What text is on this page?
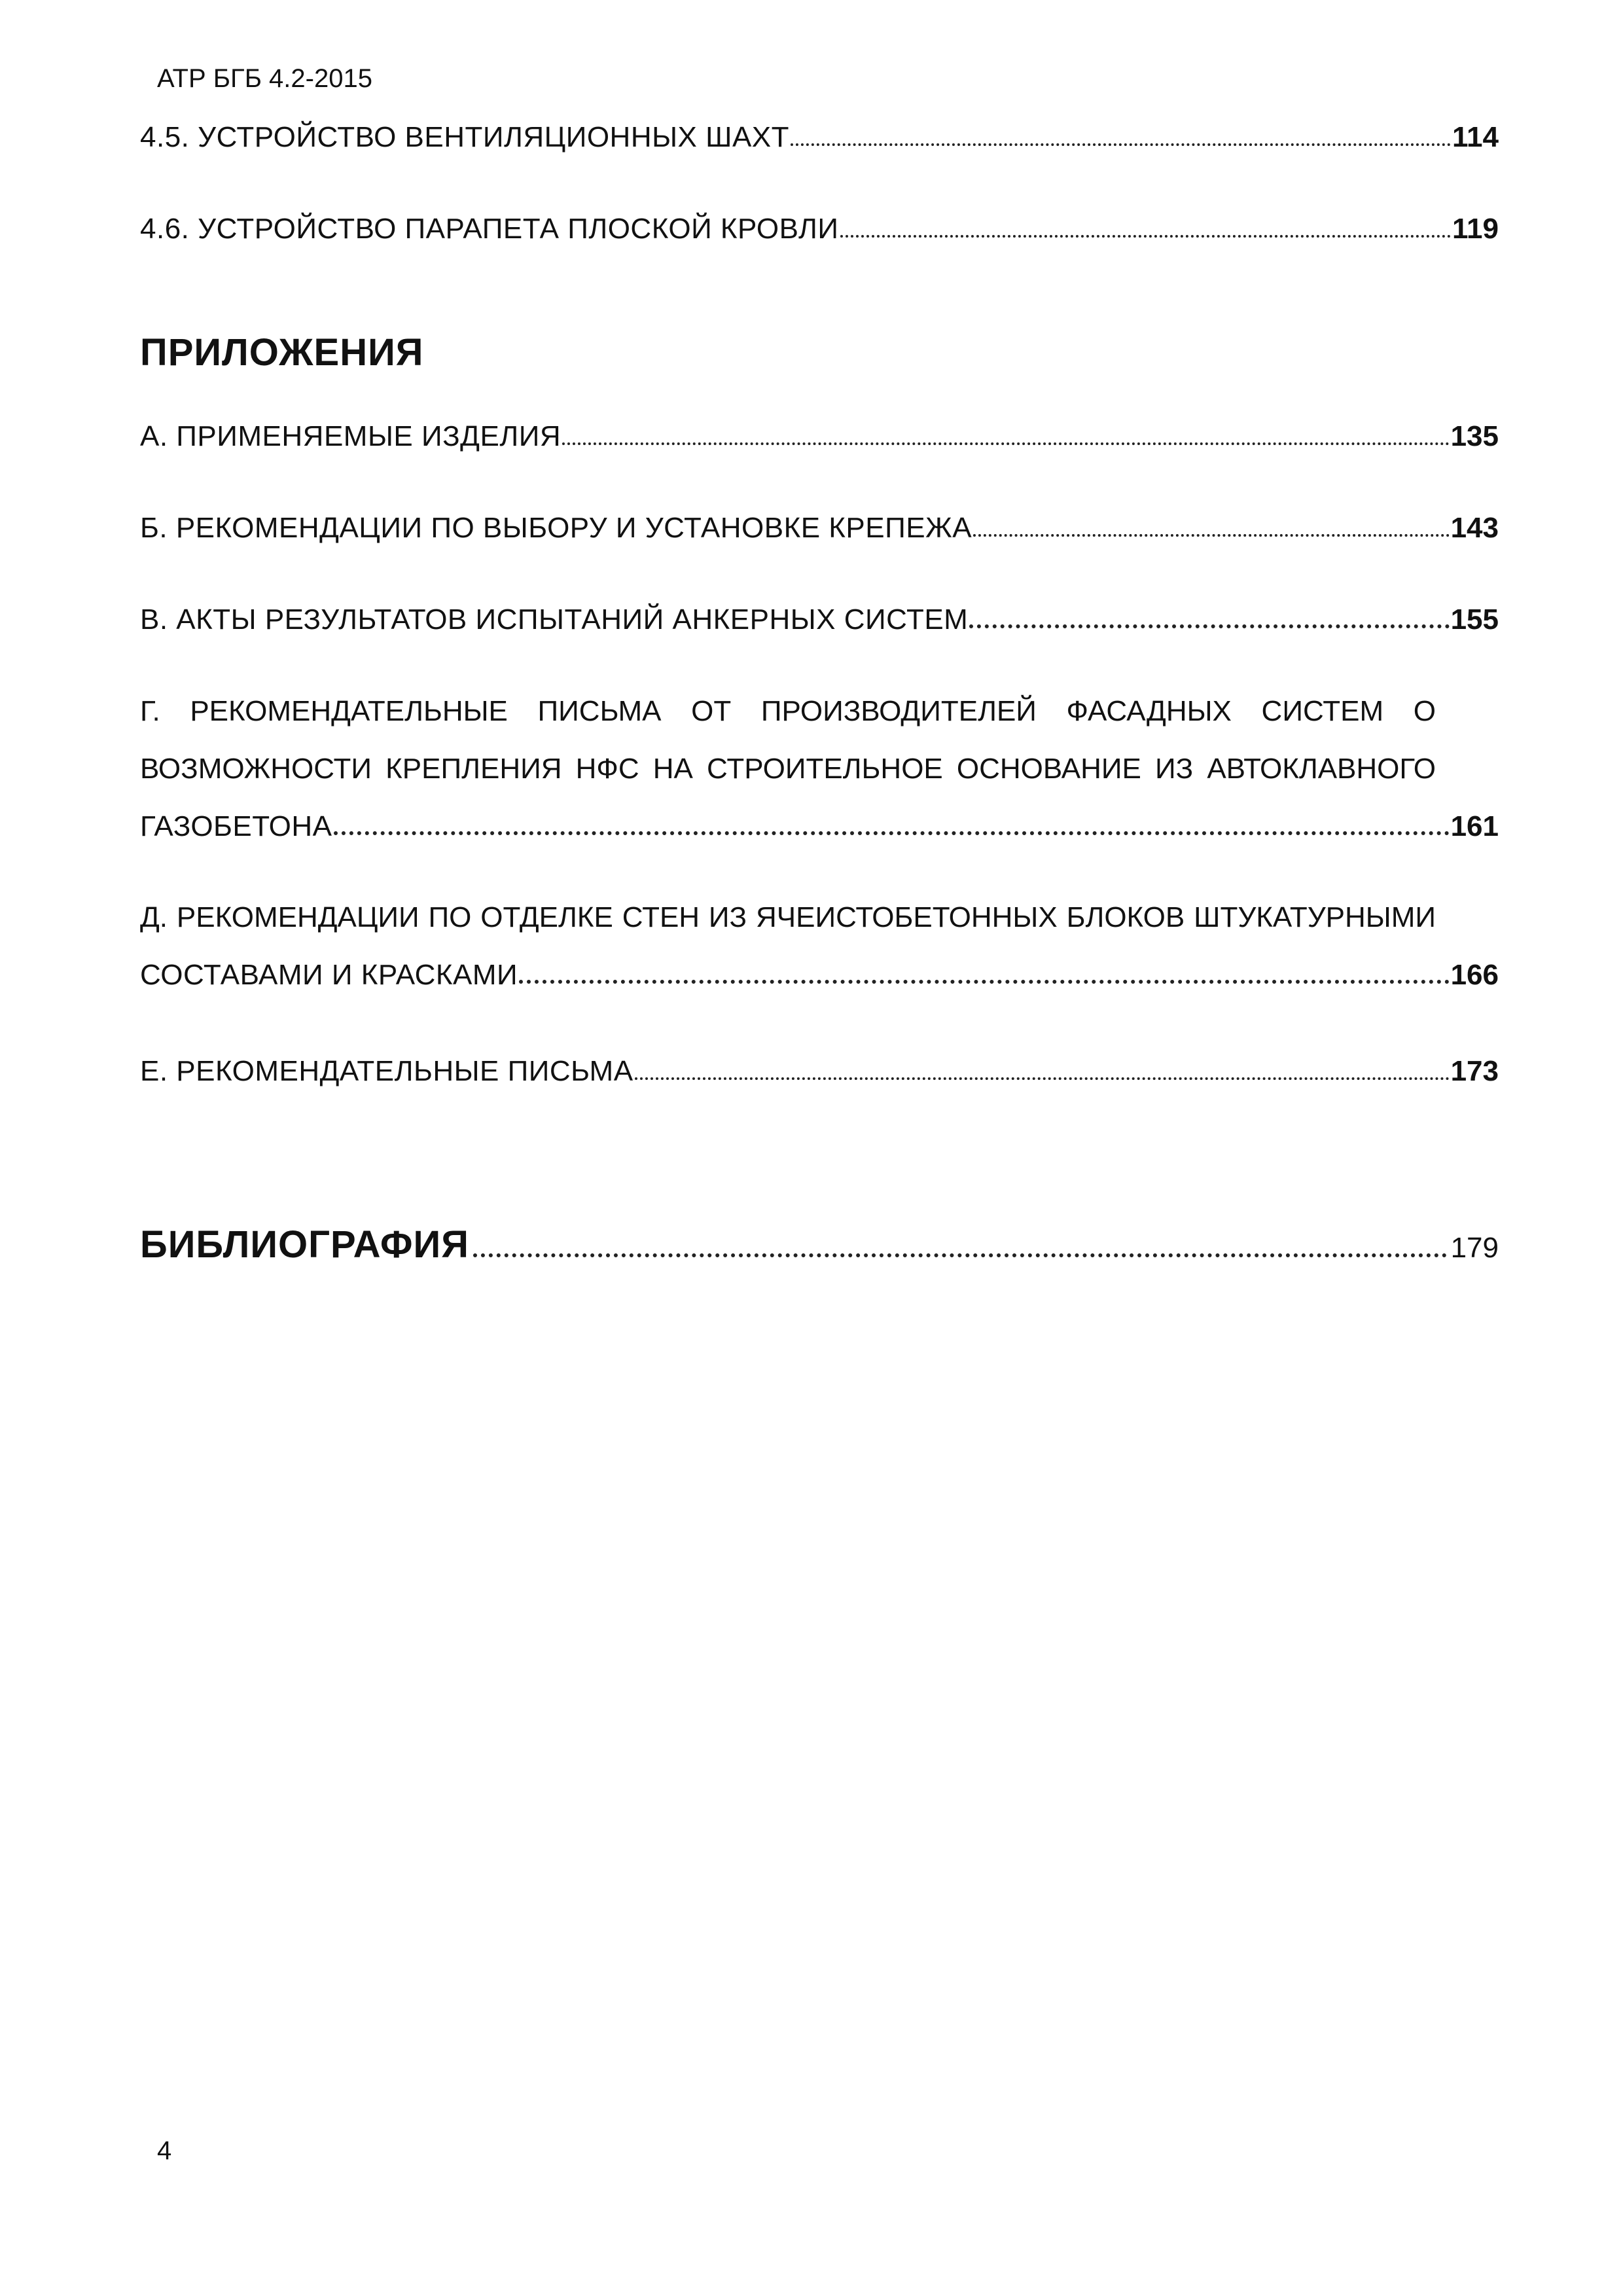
АТР БГБ 4.2-2015
4.5. УСТРОЙСТВО ВЕНТИЛЯЦИОННЫХ ШАХТ	114
4.6. УСТРОЙСТВО ПАРАПЕТА ПЛОСКОЙ КРОВЛИ	119
ПРИЛОЖЕНИЯ
А. ПРИМЕНЯЕМЫЕ ИЗДЕЛИЯ	135
Б. РЕКОМЕНДАЦИИ ПО ВЫБОРУ И УСТАНОВКЕ КРЕПЕЖА	143
В. АКТЫ РЕЗУЛЬТАТОВ ИСПЫТАНИЙ АНКЕРНЫХ СИСТЕМ	155
Г. РЕКОМЕНДАТЕЛЬНЫЕ ПИСЬМА ОТ ПРОИЗВОДИТЕЛЕЙ ФАСАДНЫХ СИСТЕМ О
ВОЗМОЖНОСТИ КРЕПЛЕНИЯ НФС НА СТРОИТЕЛЬНОЕ ОСНОВАНИЕ ИЗ АВТОКЛАВНОГО
ГАЗОБЕТОНА	161
Д. РЕКОМЕНДАЦИИ ПО ОТДЕЛКЕ СТЕН ИЗ ЯЧЕИСТОБЕТОННЫХ БЛОКОВ ШТУКАТУРНЫМИ
СОСТАВАМИ И КРАСКАМИ	166
Е. РЕКОМЕНДАТЕЛЬНЫЕ ПИСЬМА	173
БИБЛИОГРАФИЯ	179
4
